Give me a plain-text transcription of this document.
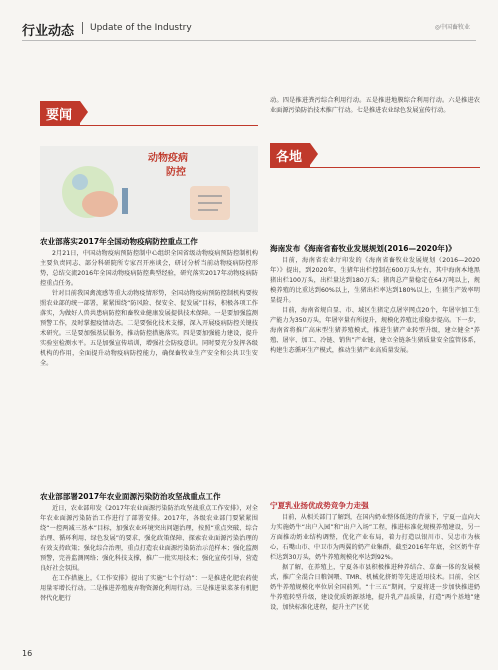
行业动态 Update of the Industry	◎中国畜牧业
要闻
动物疫病
防控
农业部落实2017年全国动物疫病防控重点工作

2月21日，中国动物疫病预防控制中心组织全国省级动物疫病预防控制机构主要负责同志、部分科研院所专家召开座谈会，研讨分析当前动物疫病防控形势，总结交流2016年全国动物疫病防控典型经验，研究落实2017年动物疫病防控重点任务。

针对目前我国禽流感等重大动物疫情形势，全国动物疫病预防控制机构要按照农业部的统一部署，紧紧围绕“防风险、保安全、促发展”目标，积极各项工作落实，为做好人兽共患病防控和畜牧业健康发展提供技术保障。一是要加强监测预警工作，及时掌握疫情动态。二是要强化技术支撑，深入开展疫病防控关键技术研究。三是要加强基层服务，推动防控措施落实。四是要加强能力建设，提升实验室检测水平。五是加强宣传培训，增强社会防疫意识。同时要充分发挥各级机构的作用，全面提升动物疫病防控能力，确保畜牧业生产安全和公共卫生安全。

农业部部署2017年农业面源污染防治攻坚战重点工作

近日，农业部印发《2017年农业面源污染防治攻坚战重点工作安排》，对全年农业面源污染防治工作进行了部署安排。2017年，各级农业部门要紧紧围绕“一控两减三基本”目标，加强农业环境突出问题治理，按照“重点突破、综合治理、循环利用、绿色发展”的要求，强化政策保障、探索农业面源污染治理的有效支持政策；强化综合治理，重点打造农业面源污染防治示范样本；强化监测预警，完善监测网络；强化科技支撑，推广一批实用技术；强化宣传引导，营造良好社会氛围。

在工作措施上，《工作安排》提出了实施“七个行动”：一是推进化肥农药使用量零增长行动。二是推进养殖废弃物资源化利用行动。三是推进果菜茶有机肥替代化肥行

动。四是推进粪污综合利用行动。五是推进地膜综合利用行动。六是推进农业面源污染防治技术推广行动。七是推进农业绿色发展宣传行动。

各地
海南发布《海南省畜牧业发展规划(2016—2020年)》

目前，海南省农业厅印发的《海南省畜牧业发展规划（2016—2020年）》提出，到2020年，生猪年出栏控制在600万头左右，其中海南本地黑猪出栏100万头，出栏量达到180万头；猪肉总产量稳定在64万吨以上，规模养殖的比重达到60%以上，生猪出栏率达到180%以上，生猪生产效率明显提升。

目前，海南省规自显、市、域区生猪定点屠宰网点20个，年屠宰加工生产能力为350万头，年屠宰量有所提升，规模化养殖比重稳步提高。下一步，海南省将推广高床型生猪养殖模式，推进生猪产业转型升级，建立健全“养殖、屠宰、加工、冷链、销售”产业链，建立全链条生猪质量安全监管体系，构建生态循环生产模式，推动生猪产业高质量发展。

宁夏乳业扬优成势竞争力走强

目前，从相关部门了解到，在国内奶业整体低迷的背景下，宁夏一直向大力实施奶牛“出户入园”和“出户入场”工程，推进标准化规模养殖建设，另一方面推动奶业结构调整，优化产业布局，着力打造以银川市、吴忠市为核心，石嘴山市、中卫市为两翼的奶产业集群，截至2016年年底，全区奶牛存栏达到30万头，奶牛养殖规模化率达到92%。

据了解，在养殖上，宁夏各市县积极推进种养结合、草畜一体的发展模式，推广全混合日粮饲喂、TMR、机械化挤奶等先进适用技术。目前，全区奶牛养殖规模化率位居全国前列。“十三五”期间，宁夏将进一步加快推进奶牛养殖转型升级，建设优质奶源基地，提升乳产品质量，打造“两个基地”建设，加快标准化进程，提升主产区优

16
